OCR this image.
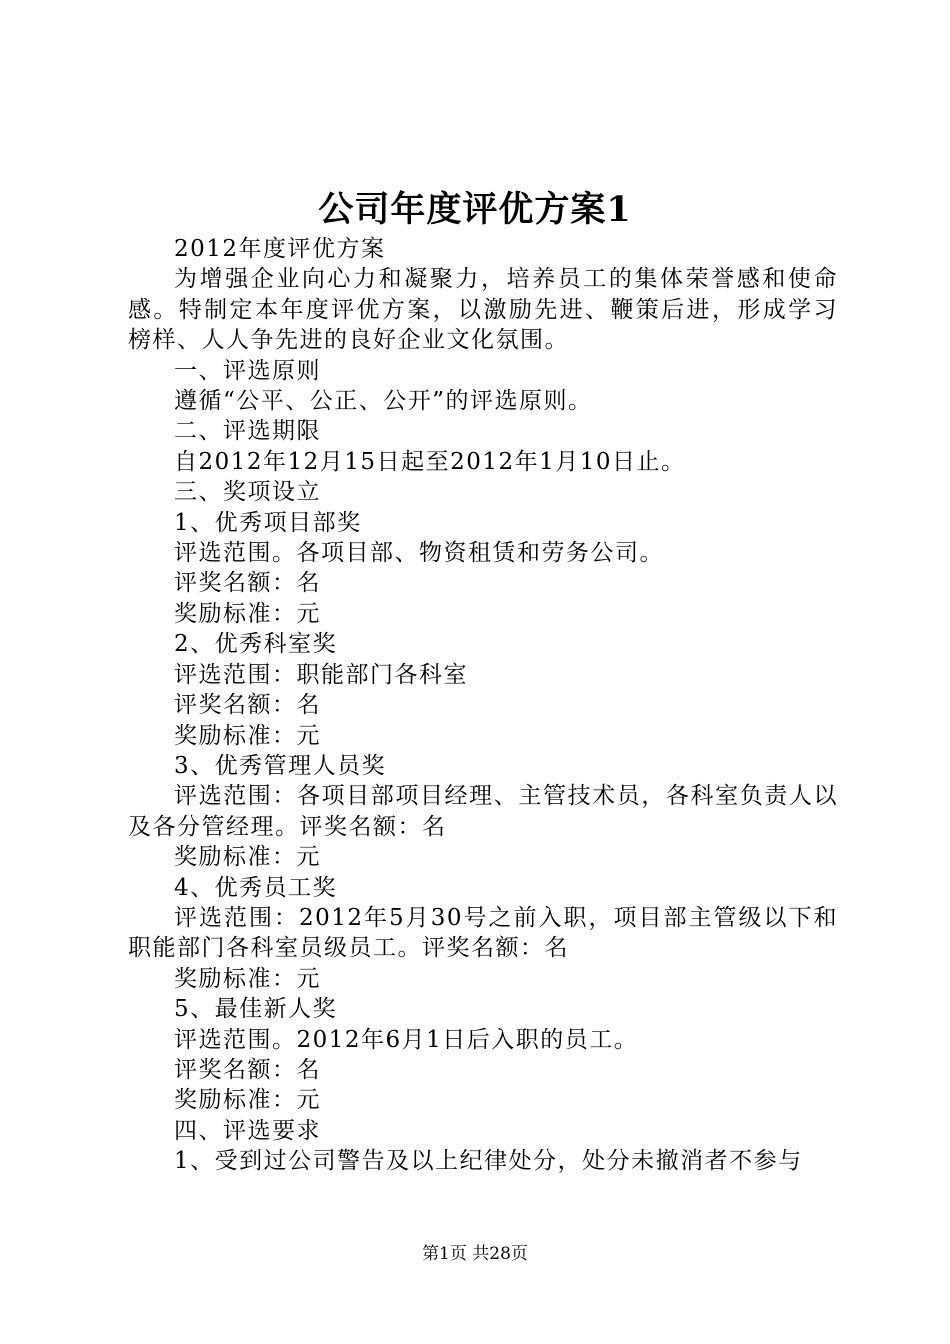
公司年度评优方案1

2012年度评优方案

为增强企业向心力和凝聚力，培养员工的集体荣誉感和使命感。特制定本年度评优方案，以激励先进、鞭策后进，形成学习榜样、人人争先进的良好企业文化氛围。

一、评选原则

遵循“公平、公正、公开”的评选原则。

二、评选期限

自2012年12月15日起至2012年1月10日止。

三、奖项设立

1、优秀项目部奖

评选范围。各项目部、物资租赁和劳务公司。

评奖名额：名

奖励标准：元

2、优秀科室奖

评选范围：职能部门各科室

评奖名额：名

奖励标准：元

3、优秀管理人员奖

评选范围：各项目部项目经理、主管技术员，各科室负责人以及各分管经理。评奖名额：名

奖励标准：元

4、优秀员工奖

评选范围：2012年5月30号之前入职，项目部主管级以下和职能部门各科室员级员工。评奖名额：名

奖励标准：元

5、最佳新人奖

评选范围。2012年6月1日后入职的员工。

评奖名额：名

奖励标准：元

四、评选要求

1、受到过公司警告及以上纪律处分，处分未撤消者不参与

第1页 共28页
